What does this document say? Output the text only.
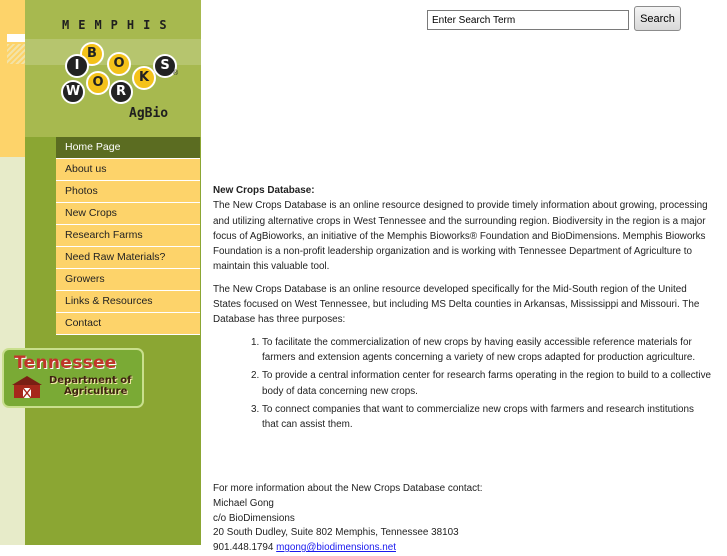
MEMPHIS
B
I	O
W
O
R
K
S
®
AgBio
Home Page
About us
Photos
New Crops
Research Farms
Need Raw Materials?
Growers
Links & Resources
Contact
Tennessee
Department of
Agriculture
Enter Search Term
Search

New Crops Database:
The New Crops Database is an online resource designed to provide timely information about growing, processing and utilizing alternative crops in West Tennessee and the surrounding region. Biodiversity in the region is a major focus of AgBioworks, an initiative of the Memphis Bioworks® Foundation and BioDimensions. Memphis Bioworks Foundation is a non-profit leadership organization and is working with Tennessee Department of Agriculture to maintain this valuable tool.

The New Crops Database is an online resource developed specifically for the Mid-South region of the United States focused on West Tennessee, but including MS Delta counties in Arkansas, Mississippi and Missouri. The Database has three purposes:

1. To facilitate the commercialization of new crops by having easily accessible reference materials for farmers and extension agents concerning a variety of new crops adapted for production agriculture.
2. To provide a central information center for research farms operating in the region to build to a collective body of data concerning new crops.
3. To connect companies that want to commercialize new crops with farmers and research institutions that can assist them.
For more information about the New Crops Database contact:
Michael Gong
c/o BioDimensions
20 South Dudley, Suite 802 Memphis, Tennessee 38103
901.448.1794 mgong@biodimensions.net
